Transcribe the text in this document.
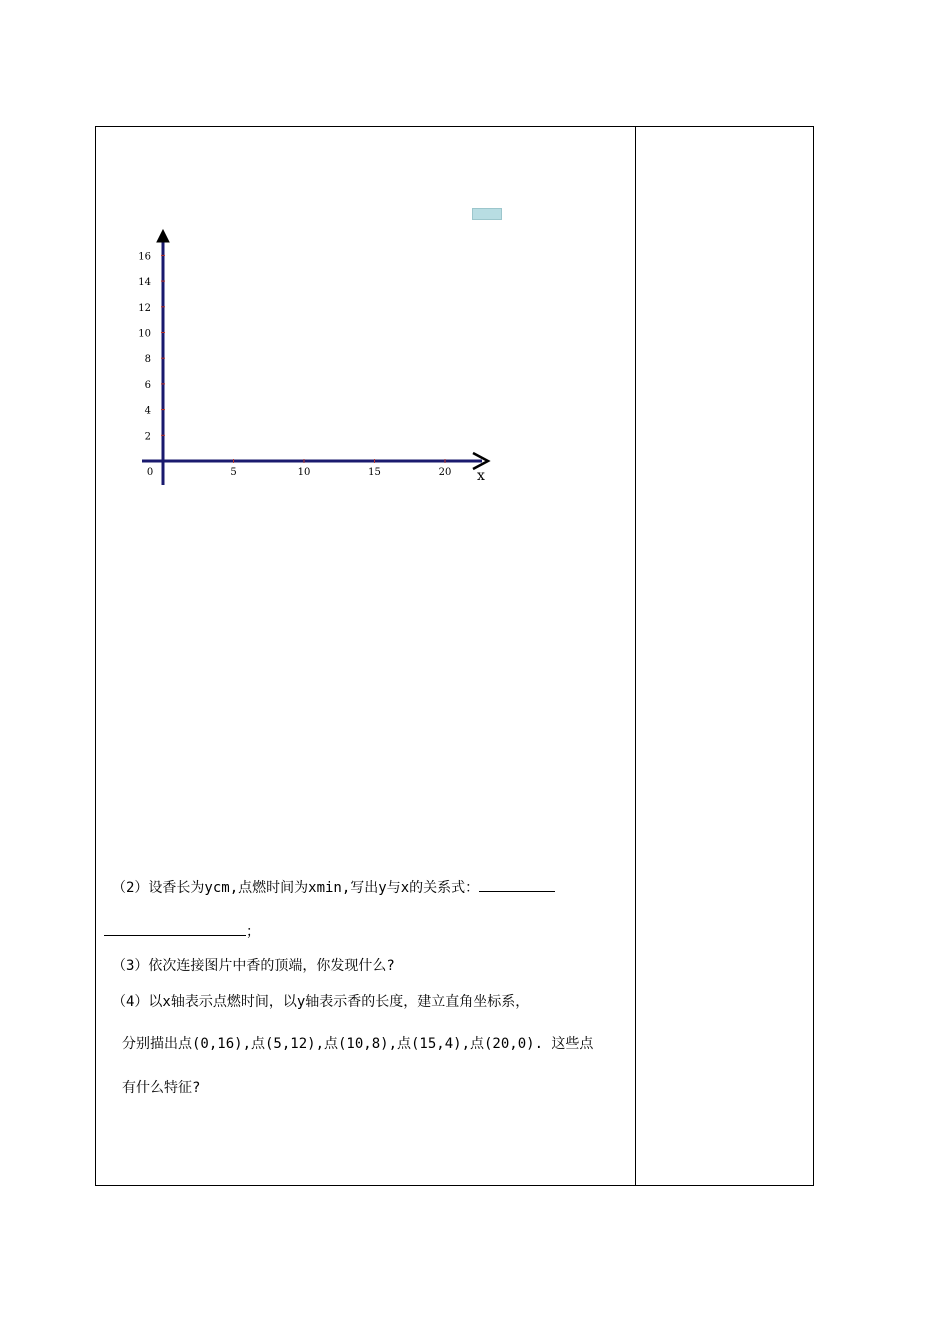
0	5	10	15	20
2
4
6
8
10
12
14
16
x
（2）设香长为ycm,点燃时间为xmin,写出y与x的关系式：
；
（3）依次连接图片中香的顶端，你发现什么?
（4）以x轴表示点燃时间，以y轴表示香的长度，建立直角坐标系，
分别描出点(0,16),点(5,12),点(10,8),点(15,4),点(20,0). 这些点
有什么特征?
